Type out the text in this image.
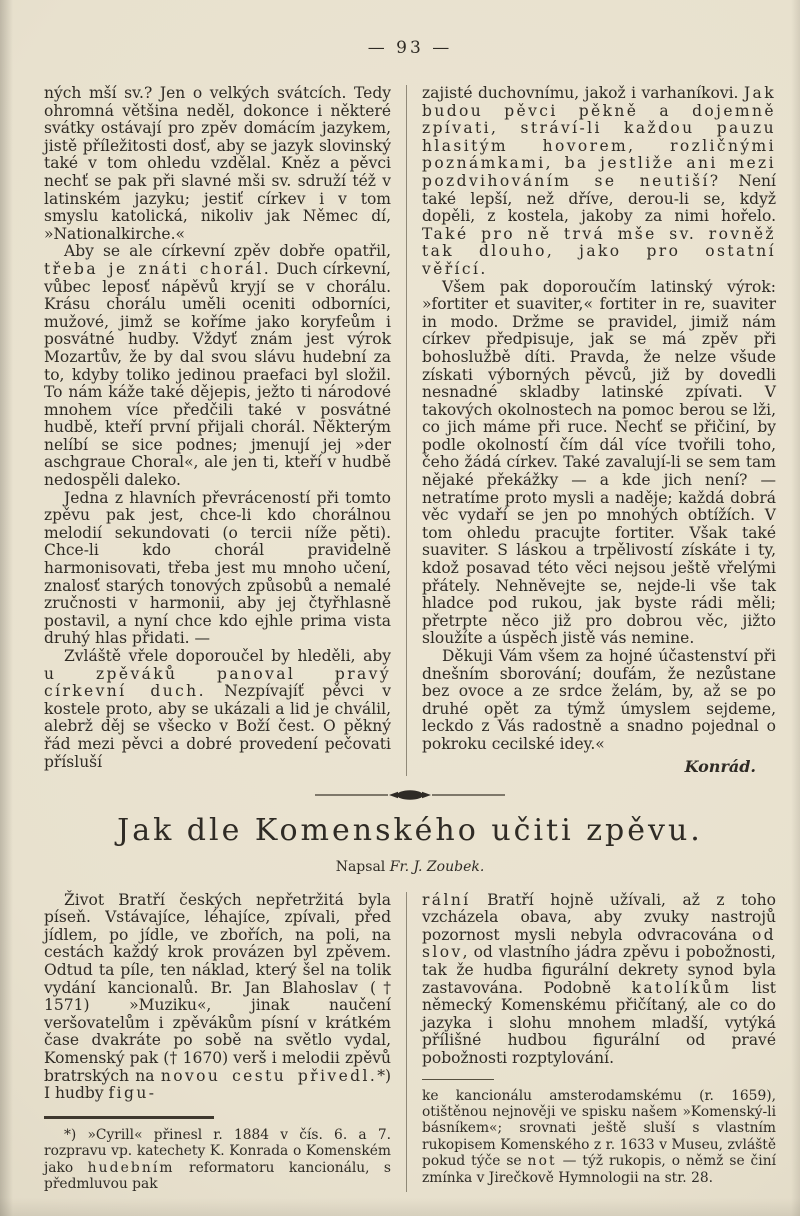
— 93 —

ných mší sv.? Jen o velkých svátcích. Tedy ohromná většina neděl, dokonce i některé svátky ostávají pro zpěv domácím jazykem, jistě příležitosti dosť, aby se jazyk slovinský také v tom ohledu vzdělal. Kněz a pěvci nechť se pak při slavné mši sv. sdruží též v latinském jazyku; jestiť církev i v tom smyslu katolická, nikoliv jak Němec dí, »Nationalkirche.«

Aby se ale církevní zpěv dobře opatřil, třeba je znáti chorál. Duch církevní, vůbec leposť nápěvů kryjí se v chorálu. Krásu chorálu uměli oceniti odborníci, mužové, jimž se koříme jako koryfeům i posvátné hudby. Vždyť znám jest výrok Mozartův, že by dal svou slávu hudební za to, kdyby toliko jedinou praefaci byl složil. To nám káže také dějepis, ježto ti národové mnohem více předčili také v posvátné hudbě, kteří první přijali chorál. Některým nelíbí se sice podnes; jmenují jej »der aschgraue Choral«, ale jen ti, kteří v hudbě nedospěli daleko.

Jedna z hlavních převráceností při tomto zpěvu pak jest, chce-li kdo chorálnou melodií sekundovati (o tercii níže pěti). Chce-li kdo chorál pravidelně harmonisovati, třeba jest mu mnoho učení, znalosť starých tonových způsobů a nemalé zručnosti v harmonii, aby jej čtyřhlasně postavil, a nyní chce kdo ejhle prima vista druhý hlas přidati. —

Zvláště vřele doporoučel by hleděli, aby u zpěváků panoval pravý církevní duch. Nezpívajíť pěvci v kostele proto, aby se ukázali a lid je chválil, alebrž děj se všecko v Boží čest. O pěkný řád mezi pěvci a dobré provedení pečovati přísluší

zajisté duchovnímu, jakož i varhaníkovi. Jak budou pěvci pěkně a dojemně zpívati, stráví-li každou pauzu hlasitým hovorem, rozličnými poznámkami, ba jestliže ani mezi pozdvihováním se neutiší? Není také lepší, než dříve, derou-li se, když dopěli, z kostela, jakoby za nimi hořelo. Také pro ně trvá mše sv. rovněž tak dlouho, jako pro ostatní věřící.

Všem pak doporoučím latinský výrok: »fortiter et suaviter,« fortiter in re, suaviter in modo. Držme se pravidel, jimiž nám církev předpisuje, jak se má zpěv při bohoslužbě díti. Pravda, že nelze všude získati výborných pěvců, již by dovedli nesnadné skladby latinské zpívati. V takových okolnostech na pomoc berou se lži, co jich máme při ruce. Nechť se přičiní, by podle okolností čím dál více tvořili toho, čeho žádá církev. Také zavalují-li se sem tam nějaké překážky — a kde jich není? — netratíme proto mysli a naděje; každá dobrá věc vydaří se jen po mnohých obtížích. V tom ohledu pracujte fortiter. Však také suaviter. S láskou a trpělivostí získáte i ty, kdož posavad této věci nejsou ještě vřelými přátely. Nehněvejte se, nejde-li vše tak hladce pod rukou, jak byste rádi měli; přetrpte něco již pro dobrou věc, jižto sloužíte a úspěch jistě vás nemine.

Děkuji Vám všem za hojné účastenství při dnešním sborování; doufám, že nezůstane bez ovoce a ze srdce želám, by, až se po druhé opět za týmž úmyslem sejdeme, leckdo z Vás radostně a snadno pojednal o pokroku cecilské idey.«

Konrád.

Jak dle Komenského učiti zpěvu.

Napsal Fr. J. Zoubek.

Život Bratří českých nepřetržitá byla píseň. Vstávajíce, léhajíce, zpívali, před jídlem, po jídle, ve zbořích, na poli, na cestách každý krok provázen byl zpěvem. Odtud ta píle, ten náklad, který šel na tolik vydání kancionalů. Br. Jan Blahoslav († 1571) »Muziku«, jinak naučení veršovatelům i zpěvákům písní v krátkém čase dvakráte po sobě na světlo vydal, Komenský pak († 1670) verš i melodii zpěvů bratrských na novou cestu přivedl.*) I hudby figu-

*) »Cyrill« přinesl r. 1884 v čís. 6. a 7. rozpravu vp. katechety K. Konrada o Komenském jako hudebním reformatoru kancionálu, s předmluvou pak

rální Bratří hojně užívali, až z toho vzcházela obava, aby zvuky nastrojů pozornost mysli nebyla odvracována od slov, od vlastního jádra zpěvu i pobožnosti, tak že hudba figurální dekrety synod byla zastavována. Podobně katolíkům list německý Komenskému přičítaný, ale co do jazyka i slohu mnohem mladší, vytýká přílišné hudbou figurální od pravé pobožnosti rozptylování.

ke kancionálu amsterodamskému (r. 1659), otištěnou nejnověji ve spisku našem »Komenský-li básníkem«; srovnati ještě sluší s vlastním rukopisem Komenského z r. 1633 v Museu, zvláště pokud týče se not — týž rukopis, o němž se činí zmínka v Jirečkově Hymnologii na str. 28.
